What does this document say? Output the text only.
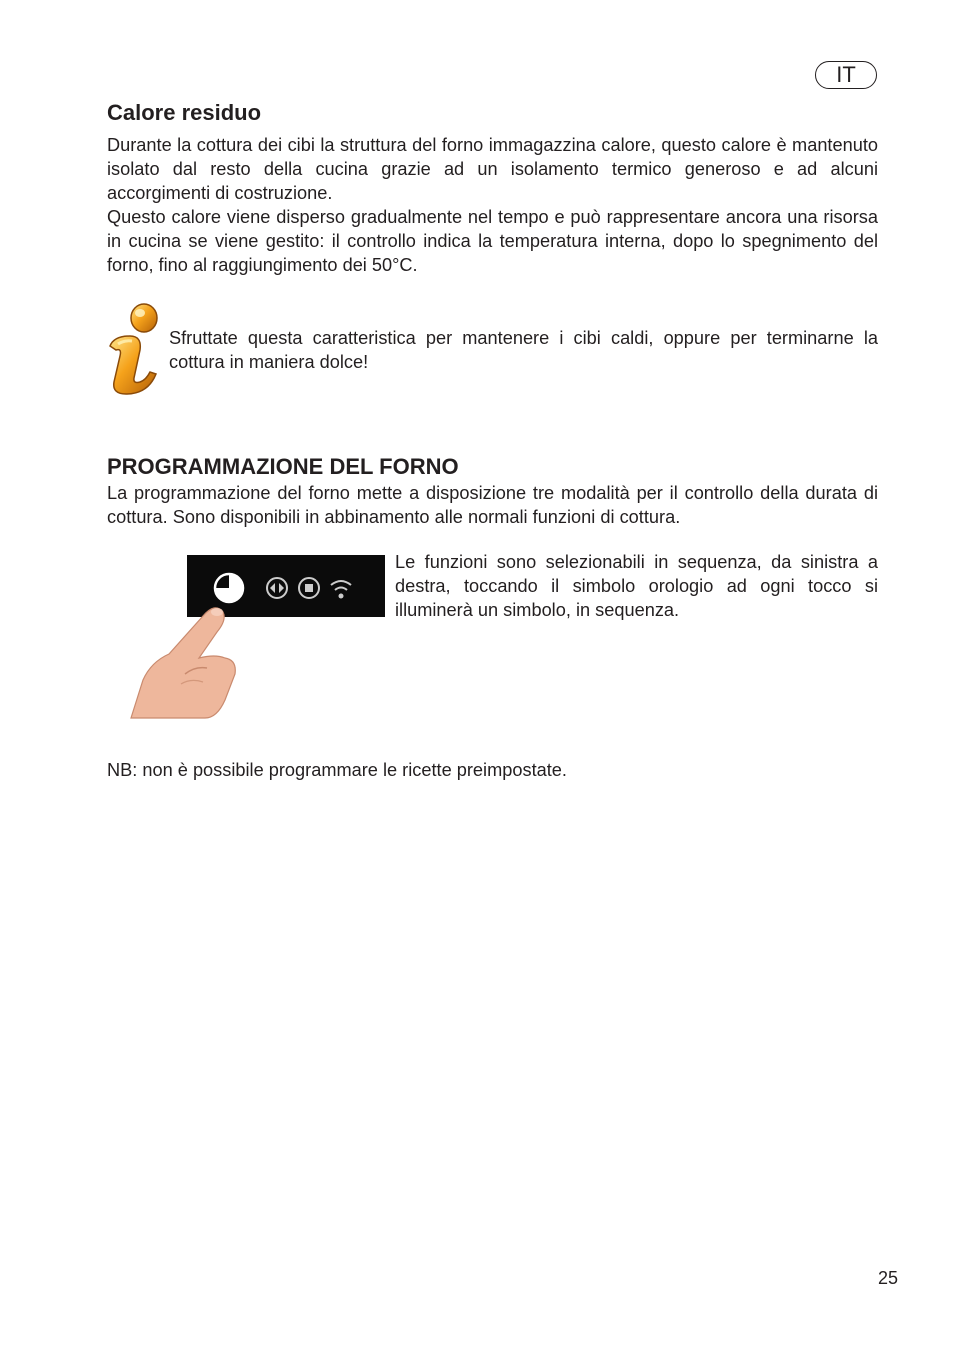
IT
Calore residuo

Durante la cottura dei cibi la struttura del forno immagazzina calore, questo calore è mantenuto isolato dal resto della cucina grazie ad un isolamento termico generoso e ad alcuni accorgimenti di costruzione.

Questo calore viene disperso gradualmente nel tempo e può rappresentare ancora una risorsa in cucina se viene gestito: il controllo indica la temperatura interna, dopo lo spegnimento del forno, fino al raggiungimento dei 50°C.

Sfruttate questa caratteristica per mantenere i cibi caldi, oppure per terminarne la cottura in maniera dolce!

PROGRAMMAZIONE DEL FORNO

La programmazione del forno mette a disposizione tre modalità per il controllo della durata di cottura. Sono disponibili in abbinamento alle normali funzioni di cottura.

Le funzioni sono selezionabili in sequenza, da sinistra a destra, toccando il simbolo orologio ad ogni tocco si illuminerà un simbolo, in sequenza.

NB: non è possibile programmare le ricette preimpostate.

25
